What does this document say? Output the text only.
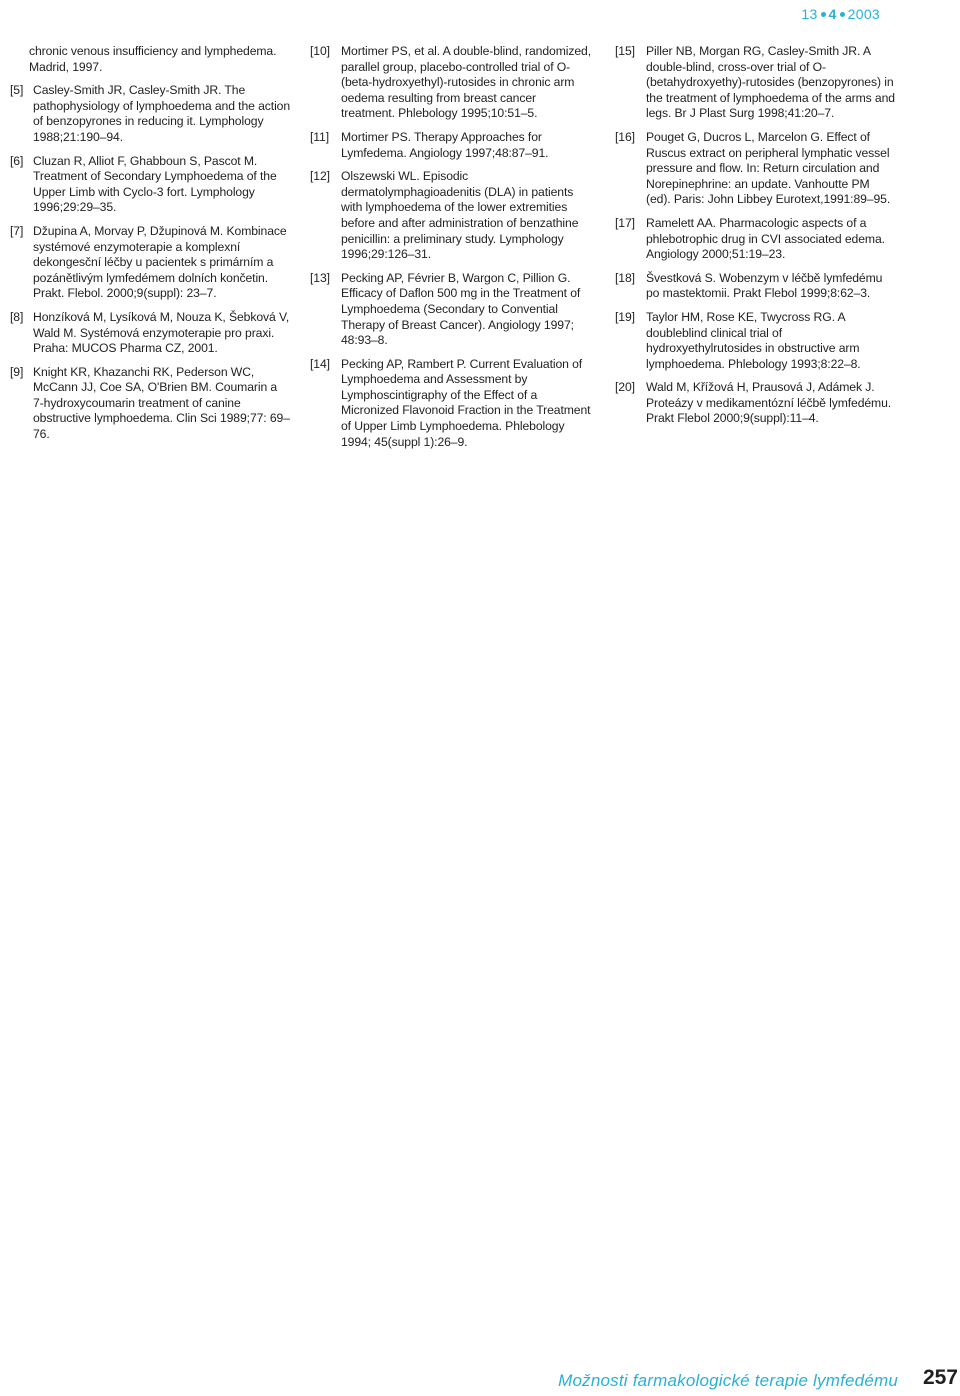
13 4 2003
chronic venous insufficiency and lymphedema. Madrid, 1997.
[5] Casley-Smith JR, Casley-Smith JR. The pathophysiology of lymphoedema and the action of benzopyrones in reducing it. Lymphology 1988;21:190–94.
[6] Cluzan R, Alliot F, Ghabboun S, Pascot M. Treatment of Secondary Lymphoedema of the Upper Limb with Cyclo-3 fort. Lymphology 1996;29:29–35.
[7] Džupina A, Morvay P, Džupinová M. Kombinace systémové enzymoterapie a komplexní dekongesční léčby u pacientek s primárním a pozánětlivým lymfedémem dolních končetin. Prakt. Flebol. 2000;9(suppl): 23–7.
[8] Honzíková M, Lysíková M, Nouza K, Šebková V, Wald M. Systémová enzymoterapie pro praxi. Praha: MUCOS Pharma CZ, 2001.
[9] Knight KR, Khazanchi RK, Pederson WC, McCann JJ, Coe SA, O'Brien BM. Coumarin a 7-hydroxycoumarin treatment of canine obstructive lymphoedema. Clin Sci 1989;77: 69–76.
[10] Mortimer PS, et al. A double-blind, randomized, parallel group, placebo-controlled trial of O-(beta-hydroxyethyl)-rutosides in chronic arm oedema resulting from breast cancer treatment. Phlebology 1995;10:51–5.
[11] Mortimer PS. Therapy Approaches for Lymfedema. Angiology 1997;48:87–91.
[12] Olszewski WL. Episodic dermatolymphagioadenitis (DLA) in patients with lymphoedema of the lower extremities before and after administration of benzathine penicillin: a preliminary study. Lymphology 1996;29:126–31.
[13] Pecking AP, Février B, Wargon C, Pillion G. Efficacy of Daflon 500 mg in the Treatment of Lymphoedema (Secondary to Convential Therapy of Breast Cancer). Angiology 1997; 48:93–8.
[14] Pecking AP, Rambert P. Current Evaluation of Lymphoedema and Assessment by Lymphoscintigraphy of the Effect of a Micronized Flavonoid Fraction in the Treatment of Upper Limb Lymphoedema. Phlebology 1994; 45(suppl 1):26–9.
[15] Piller NB, Morgan RG, Casley-Smith JR. A double-blind, cross-over trial of O-(betahydroxyethy)-rutosides (benzopyrones) in the treatment of lymphoedema of the arms and legs. Br J Plast Surg 1998;41:20–7.
[16] Pouget G, Ducros L, Marcelon G. Effect of Ruscus extract on peripheral lymphatic vessel pressure and flow. In: Return circulation and Norepinephrine: an update. Vanhoutte PM (ed). Paris: John Libbey Eurotext,1991:89–95.
[17] Ramelett AA. Pharmacologic aspects of a phlebotrophic drug in CVI associated edema. Angiology 2000;51:19–23.
[18] Švestková S. Wobenzym v léčbě lymfedému po mastektomii. Prakt Flebol 1999;8:62–3.
[19] Taylor HM, Rose KE, Twycross RG. A doubleblind clinical trial of hydroxyethylrutosides in obstructive arm lymphoedema. Phlebology 1993;8:22–8.
[20] Wald M, Křížová H, Prausová J, Adámek J. Proteázy v medikamentózní léčbě lymfedému. Prakt Flebol 2000;9(suppl):11–4.
Možnosti farmakologické terapie lymfedému 257
